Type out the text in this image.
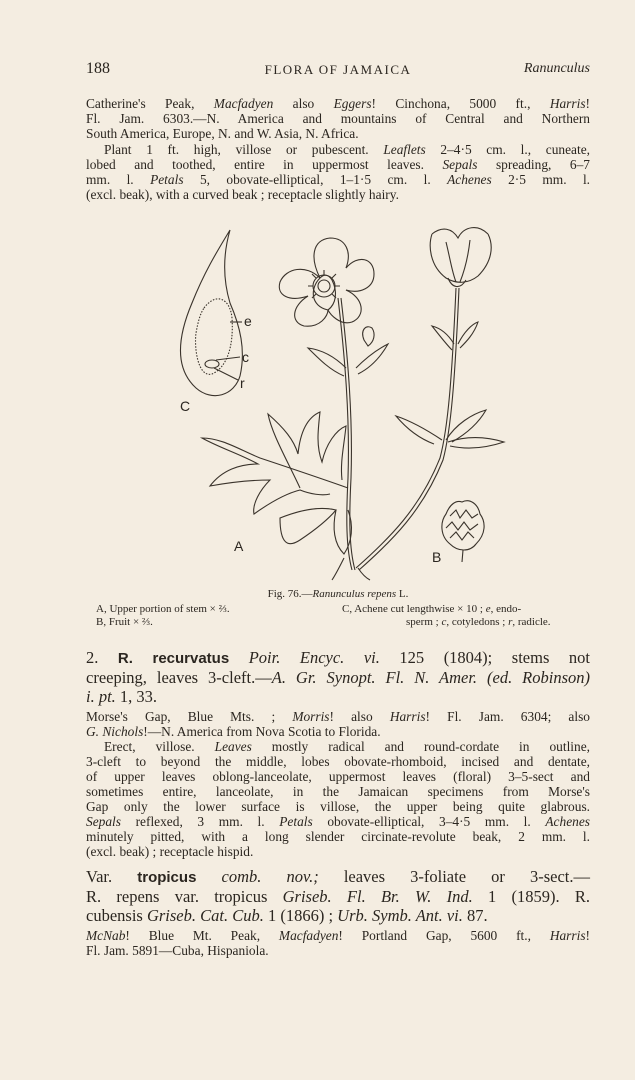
188	FLORA OF JAMAICA	Ranunculus
Catherine's Peak, Macfadyen also Eggers! Cinchona, 5000 ft., Harris!
Fl. Jam. 6303.—N. America and mountains of Central and Northern
South America, Europe, N. and W. Asia, N. Africa.
Plant 1 ft. high, villose or pubescent. Leaflets 2–4·5 cm. l., cuneate,
lobed and toothed, entire in uppermost leaves. Sepals spreading, 6–7
mm. l. Petals 5, obovate-elliptical, 1–1·5 cm. l. Achenes 2·5 mm. l.
(excl. beak), with a curved beak ; receptacle slightly hairy.
C
e
c
r
A
B
Fig. 76.—Ranunculus repens L.
A, Upper portion of stem × ⅔.
B, Fruit × ⅔.
C, Achene cut lengthwise × 10 ; e, endo-
sperm ; c, cotyledons ; r, radicle.
2. R. recurvatus Poir. Encyc. vi. 125 (1804); stems not
creeping, leaves 3-cleft.—A. Gr. Synopt. Fl. N. Amer. (ed. Robinson)
i. pt. 1, 33.
Morse's Gap, Blue Mts. ; Morris! also Harris! Fl. Jam. 6304; also
G. Nichols!—N. America from Nova Scotia to Florida.
Erect, villose. Leaves mostly radical and round-cordate in outline,
3-cleft to beyond the middle, lobes obovate-rhomboid, incised and dentate,
of upper leaves oblong-lanceolate, uppermost leaves (floral) 3–5-sect and
sometimes entire, lanceolate, in the Jamaican specimens from Morse's
Gap only the lower surface is villose, the upper being quite glabrous.
Sepals reflexed, 3 mm. l. Petals obovate-elliptical, 3–4·5 mm. l. Achenes
minutely pitted, with a long slender circinate-revolute beak, 2 mm. l.
(excl. beak) ; receptacle hispid.
Var. tropicus comb. nov.; leaves 3-foliate or 3-sect.—
R. repens var. tropicus Griseb. Fl. Br. W. Ind. 1 (1859). R.
cubensis Griseb. Cat. Cub. 1 (1866) ; Urb. Symb. Ant. vi. 87.
McNab! Blue Mt. Peak, Macfadyen! Portland Gap, 5600 ft., Harris!
Fl. Jam. 5891—Cuba, Hispaniola.
